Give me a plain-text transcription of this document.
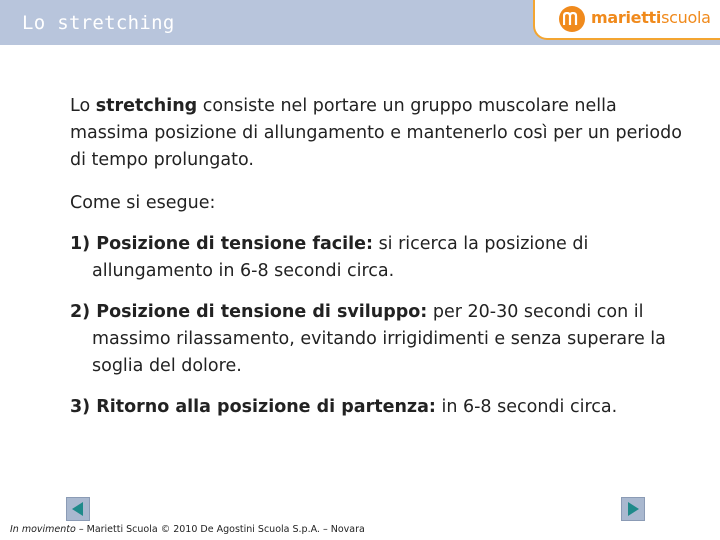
Lo stretching	mariettiscuola

Lo stretching consiste nel portare un gruppo muscolare nella massima posizione di allungamento e mantenerlo così per un periodo di tempo prolungato.

Come si esegue:

1) Posizione di tensione facile: si ricerca la posizione di allungamento in 6-8 secondi circa.

2) Posizione di tensione di sviluppo: per 20-30 secondi con il massimo rilassamento, evitando irrigidimenti e senza superare la soglia del dolore.

3) Ritorno alla posizione di partenza: in 6-8 secondi circa.

In movimento – Marietti Scuola © 2010 De Agostini Scuola S.p.A. – Novara
